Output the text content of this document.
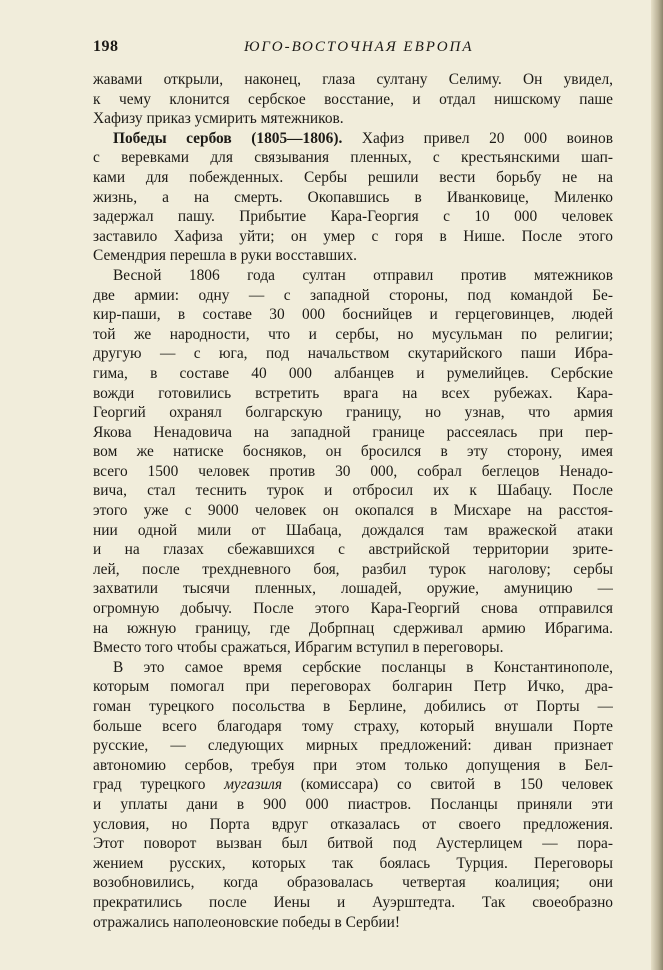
198	ЮГО-ВОСТОЧНАЯ ЕВРОПА
жавами открыли, наконец, глаза султану Селиму. Он увидел,
к чему клонится сербское восстание, и отдал нишскому паше
Хафизу приказ усмирить мятежников.
Победы сербов (1805—1806). Хафиз привел 20 000 воинов
с веревками для связывания пленных, с крестьянскими шап-
ками для побежденных. Сербы решили вести борьбу не на
жизнь, а на смерть. Окопавшись в Иванковице, Миленко
задержал пашу. Прибытие Кара-Георгия с 10 000 человек
заставило Хафиза уйти; он умер с горя в Нише. После этого
Семендрия перешла в руки восставших.
Весной 1806 года султан отправил против мятежников
две армии: одну — с западной стороны, под командой Бе-
кир-паши, в составе 30 000 боснийцев и герцеговинцев, людей
той же народности, что и сербы, но мусульман по религии;
другую — с юга, под начальством скутарийского паши Ибра-
гима, в составе 40 000 албанцев и румелийцев. Сербские
вожди готовились встретить врага на всех рубежах. Кара-
Георгий охранял болгарскую границу, но узнав, что армия
Якова Ненадовича на западной границе рассеялась при пер-
вом же натиске босняков, он бросился в эту сторону, имея
всего 1500 человек против 30 000, собрал беглецов Ненадо-
вича, стал теснить турок и отбросил их к Шабацу. После
этого уже с 9000 человек он окопался в Мисхаре на расстоя-
нии одной мили от Шабаца, дождался там вражеской атаки
и на глазах сбежавшихся с австрийской территории зрите-
лей, после трехдневного боя, разбил турок наголову; сербы
захватили тысячи пленных, лошадей, оружие, амуницию —
огромную добычу. После этого Кара-Георгий снова отправился
на южную границу, где Добрпнац сдерживал армию Ибрагима.
Вместо того чтобы сражаться, Ибрагим вступил в переговоры.
В это самое время сербские посланцы в Константинополе,
которым помогал при переговорах болгарин Петр Ичко, дра-
гоман турецкого посольства в Берлине, добились от Порты —
больше всего благодаря тому страху, который внушали Порте
русские, — следующих мирных предложений: диван признает
автономию сербов, требуя при этом только допущения в Бел-
град турецкого мугазиля (комиссара) со свитой в 150 человек
и уплаты дани в 900 000 пиастров. Посланцы приняли эти
условия, но Порта вдруг отказалась от своего предложения.
Этот поворот вызван был битвой под Аустерлицем — пора-
жением русских, которых так боялась Турция. Переговоры
возобновились, когда образовалась четвертая коалиция; они
прекратились после Иены и Ауэрштедта. Так своеобразно
отражались наполеоновские победы в Сербии!
